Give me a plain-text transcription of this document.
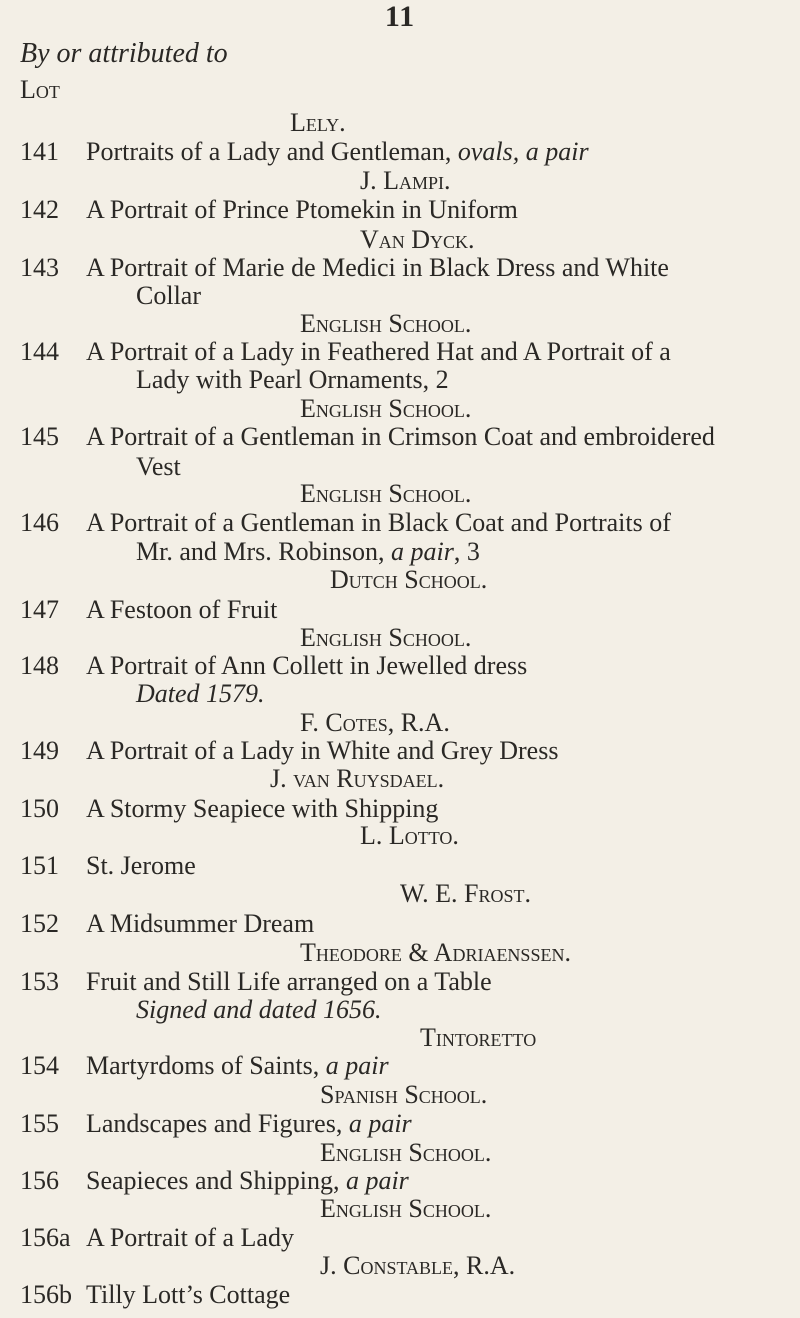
11
By or attributed to
Lot
Lely.
141 Portraits of a Lady and Gentleman, ovals, a pair
J. Lampi.
142 A Portrait of Prince Ptomekin in Uniform
Van Dyck.
143 A Portrait of Marie de Medici in Black Dress and White
Collar
English School.
144 A Portrait of a Lady in Feathered Hat and A Portrait of a
Lady with Pearl Ornaments, 2
English School.
145 A Portrait of a Gentleman in Crimson Coat and embroidered
Vest
English School.
146 A Portrait of a Gentleman in Black Coat and Portraits of
Mr. and Mrs. Robinson, a pair, 3
Dutch School.
147 A Festoon of Fruit
English School.
148 A Portrait of Ann Collett in Jewelled dress
Dated 1579.
F. Cotes, R.A.
149 A Portrait of a Lady in White and Grey Dress
J. van Ruysdael.
150 A Stormy Seapiece with Shipping
L. Lotto.
151 St. Jerome
W. E. Frost.
152 A Midsummer Dream
Theodore & Adriaenssen.
153 Fruit and Still Life arranged on a Table
Signed and dated 1656.
Tintoretto
154 Martyrdoms of Saints, a pair
Spanish School.
155 Landscapes and Figures, a pair
English School.
156 Seapieces and Shipping, a pair
English School.
156a A Portrait of a Lady
J. Constable, R.A.
156b Tilly Lott’s Cottage
